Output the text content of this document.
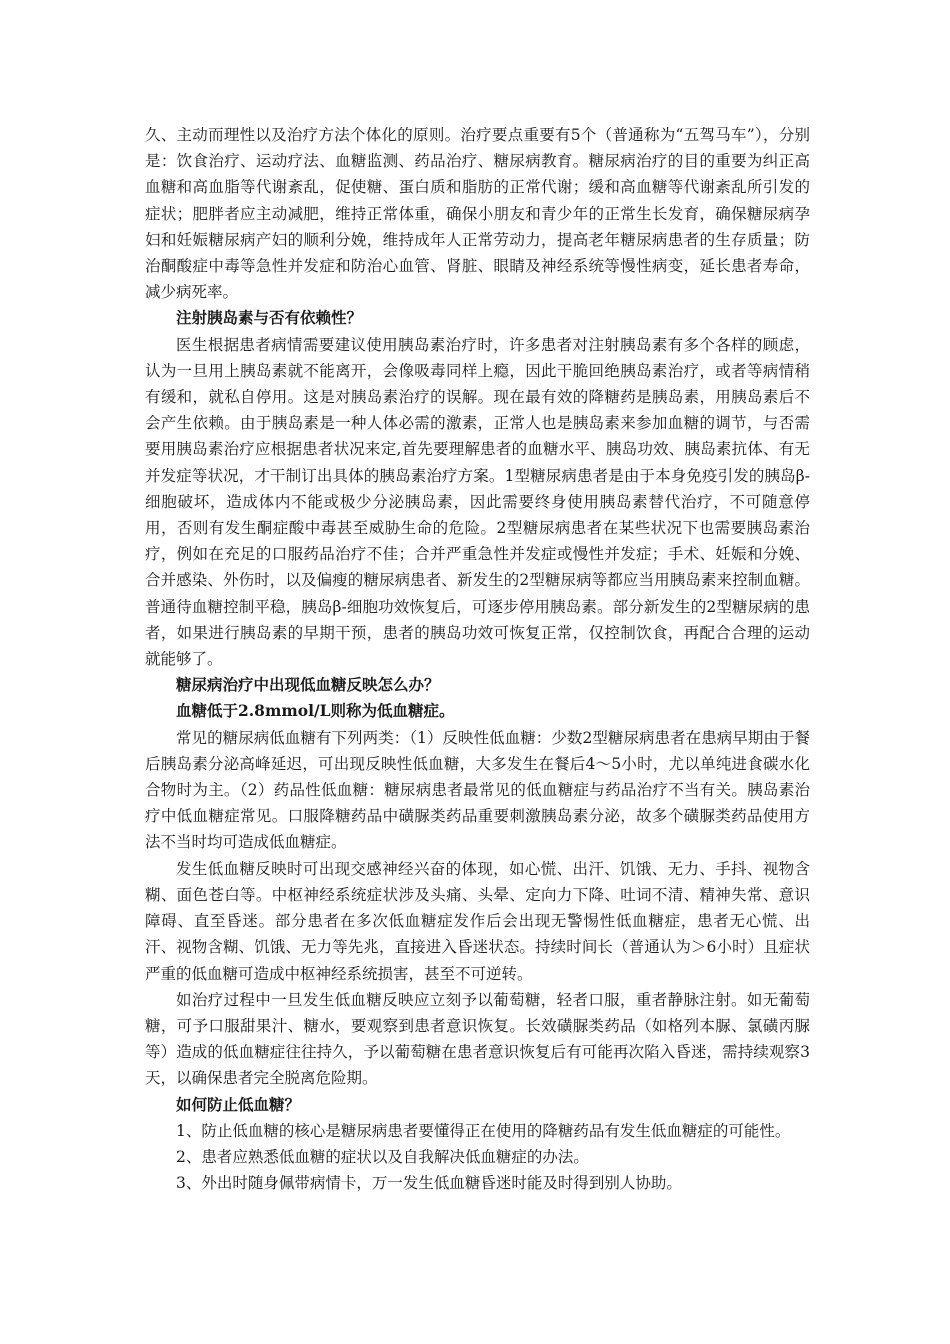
久、主动而理性以及治疗方法个体化的原则。治疗要点重要有5个（普通称为“五驾马车”），分别是：饮食治疗、运动疗法、血糖监测、药品治疗、糖尿病教育。糖尿病治疗的目的重要为纠正高血糖和高血脂等代谢紊乱，促使糖、蛋白质和脂肪的正常代谢；缓和高血糖等代谢紊乱所引发的症状；肥胖者应主动减肥，维持正常体重，确保小朋友和青少年的正常生长发育，确保糖尿病孕妇和妊娠糖尿病产妇的顺利分娩，维持成年人正常劳动力，提高老年糖尿病患者的生存质量；防治酮酸症中毒等急性并发症和防治心血管、肾脏、眼睛及神经系统等慢性病变，延长患者寿命，减少病死率。

注射胰岛素与否有依赖性？

医生根据患者病情需要建议使用胰岛素治疗时，许多患者对注射胰岛素有多个各样的顾虑，认为一旦用上胰岛素就不能离开，会像吸毒同样上瘾，因此干脆回绝胰岛素治疗，或者等病情稍有缓和，就私自停用。这是对胰岛素治疗的误解。现在最有效的降糖药是胰岛素，用胰岛素后不会产生依赖。由于胰岛素是一种人体必需的激素，正常人也是胰岛素来参加血糖的调节，与否需要用胰岛素治疗应根据患者状况来定,首先要理解患者的血糖水平、胰岛功效、胰岛素抗体、有无并发症等状况，才干制订出具体的胰岛素治疗方案。1型糖尿病患者是由于本身免疫引发的胰岛β-细胞破坏，造成体内不能或极少分泌胰岛素，因此需要终身使用胰岛素替代治疗，不可随意停用，否则有发生酮症酸中毒甚至威胁生命的危险。2型糖尿病患者在某些状况下也需要胰岛素治疗，例如在充足的口服药品治疗不佳；合并严重急性并发症或慢性并发症；手术、妊娠和分娩、合并感染、外伤时，以及偏瘦的糖尿病患者、新发生的2型糖尿病等都应当用胰岛素来控制血糖。普通待血糖控制平稳，胰岛β-细胞功效恢复后，可逐步停用胰岛素。部分新发生的2型糖尿病的患者，如果进行胰岛素的早期干预，患者的胰岛功效可恢复正常，仅控制饮食，再配合合理的运动就能够了。

糖尿病治疗中出现低血糖反映怎么办？

血糖低于2.8mmol/L则称为低血糖症。

常见的糖尿病低血糖有下列两类：（1）反映性低血糖：少数2型糖尿病患者在患病早期由于餐后胰岛素分泌高峰延迟，可出现反映性低血糖，大多发生在餐后4～5小时，尤以单纯进食碳水化合物时为主。（2）药品性低血糖：糖尿病患者最常见的低血糖症与药品治疗不当有关。胰岛素治疗中低血糖症常见。口服降糖药品中磺脲类药品重要刺激胰岛素分泌，故多个磺脲类药品使用方法不当时均可造成低血糖症。

发生低血糖反映时可出现交感神经兴奋的体现，如心慌、出汗、饥饿、无力、手抖、视物含糊、面色苍白等。中枢神经系统症状涉及头痛、头晕、定向力下降、吐词不清、精神失常、意识障碍、直至昏迷。部分患者在多次低血糖症发作后会出现无警惕性低血糖症，患者无心慌、出汗、视物含糊、饥饿、无力等先兆，直接进入昏迷状态。持续时间长（普通认为＞6小时）且症状严重的低血糖可造成中枢神经系统损害，甚至不可逆转。

如治疗过程中一旦发生低血糖反映应立刻予以葡萄糖，轻者口服，重者静脉注射。如无葡萄糖，可予口服甜果汁、糖水，要观察到患者意识恢复。长效磺脲类药品（如格列本脲、氯磺丙脲等）造成的低血糖症往往持久，予以葡萄糖在患者意识恢复后有可能再次陷入昏迷，需持续观察3天，以确保患者完全脱离危险期。

如何防止低血糖？

1、防止低血糖的核心是糖尿病患者要懂得正在使用的降糖药品有发生低血糖症的可能性。

2、患者应熟悉低血糖的症状以及自我解决低血糖症的办法。

3、外出时随身佩带病情卡，万一发生低血糖昏迷时能及时得到别人协助。
